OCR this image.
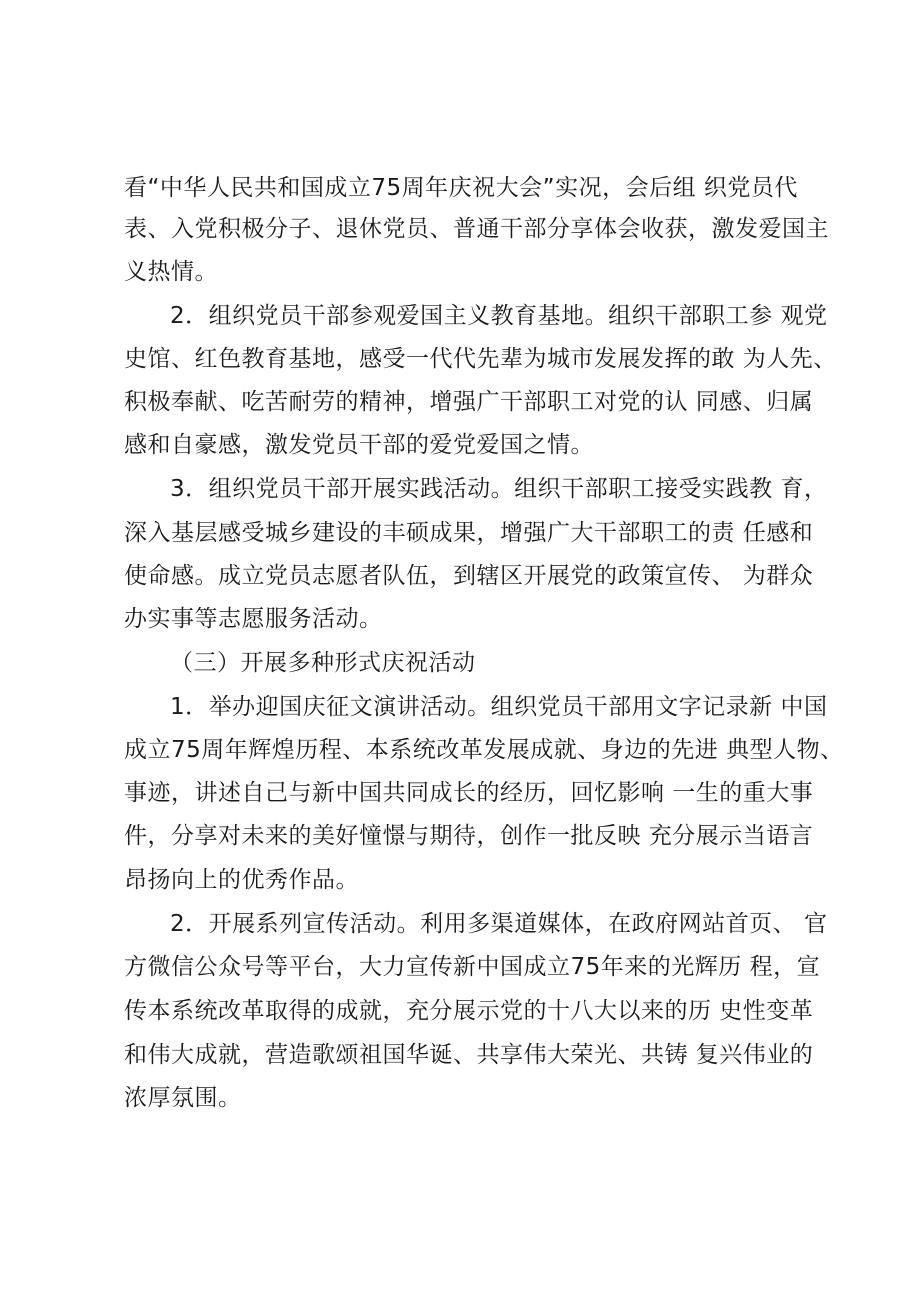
看“中华人民共和国成立75周年庆祝大会”实况，会后组 织党员代
表、入党积极分子、退休党员、普通干部分享体会收获，激发爱国主
义热情。
2．组织党员干部参观爱国主义教育基地。组织干部职工参 观党
史馆、红色教育基地，感受一代代先辈为城市发展发挥的敢 为人先、
积极奉献、吃苦耐劳的精神，增强广干部职工对党的认 同感、归属
感和自豪感，激发党员干部的爱党爱国之情。
3．组织党员干部开展实践活动。组织干部职工接受实践教 育，
深入基层感受城乡建设的丰硕成果，增强广大干部职工的责 任感和
使命感。成立党员志愿者队伍，到辖区开展党的政策宣传、 为群众
办实事等志愿服务活动。
（三）开展多种形式庆祝活动
1．举办迎国庆征文演讲活动。组织党员干部用文字记录新 中国
成立75周年辉煌历程、本系统改革发展成就、身边的先进 典型人物、
事迹，讲述自己与新中国共同成长的经历，回忆影响 一生的重大事
件，分享对未来的美好憧憬与期待，创作一批反映 充分展示当语言
昂扬向上的优秀作品。
2．开展系列宣传活动。利用多渠道媒体，在政府网站首页、 官
方微信公众号等平台，大力宣传新中国成立75年来的光辉历 程，宣
传本系统改革取得的成就，充分展示党的十八大以来的历 史性变革
和伟大成就，营造歌颂祖国华诞、共享伟大荣光、共铸 复兴伟业的
浓厚氛围。
